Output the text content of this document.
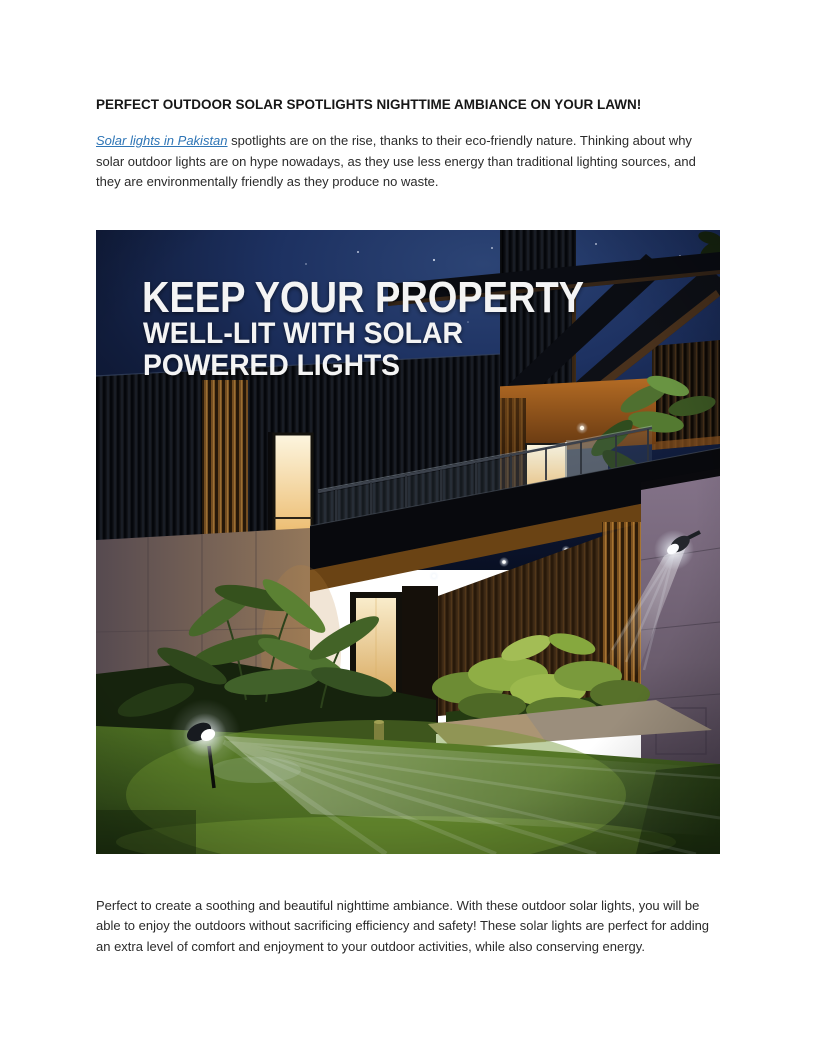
PERFECT OUTDOOR SOLAR SPOTLIGHTS NIGHTTIME AMBIANCE ON YOUR LAWN!

Solar lights in Pakistan spotlights are on the rise, thanks to their eco-friendly nature. Thinking about why solar outdoor lights are on hype nowadays, as they use less energy than traditional lighting sources, and they are environmentally friendly as they produce no waste.

KEEP YOUR PROPERTY
WELL-LIT WITH SOLAR
POWERED LIGHTS

Perfect to create a soothing and beautiful nighttime ambiance. With these outdoor solar lights, you will be able to enjoy the outdoors without sacrificing efficiency and safety! These solar lights are perfect for adding an extra level of comfort and enjoyment to your outdoor activities, while also conserving energy.
